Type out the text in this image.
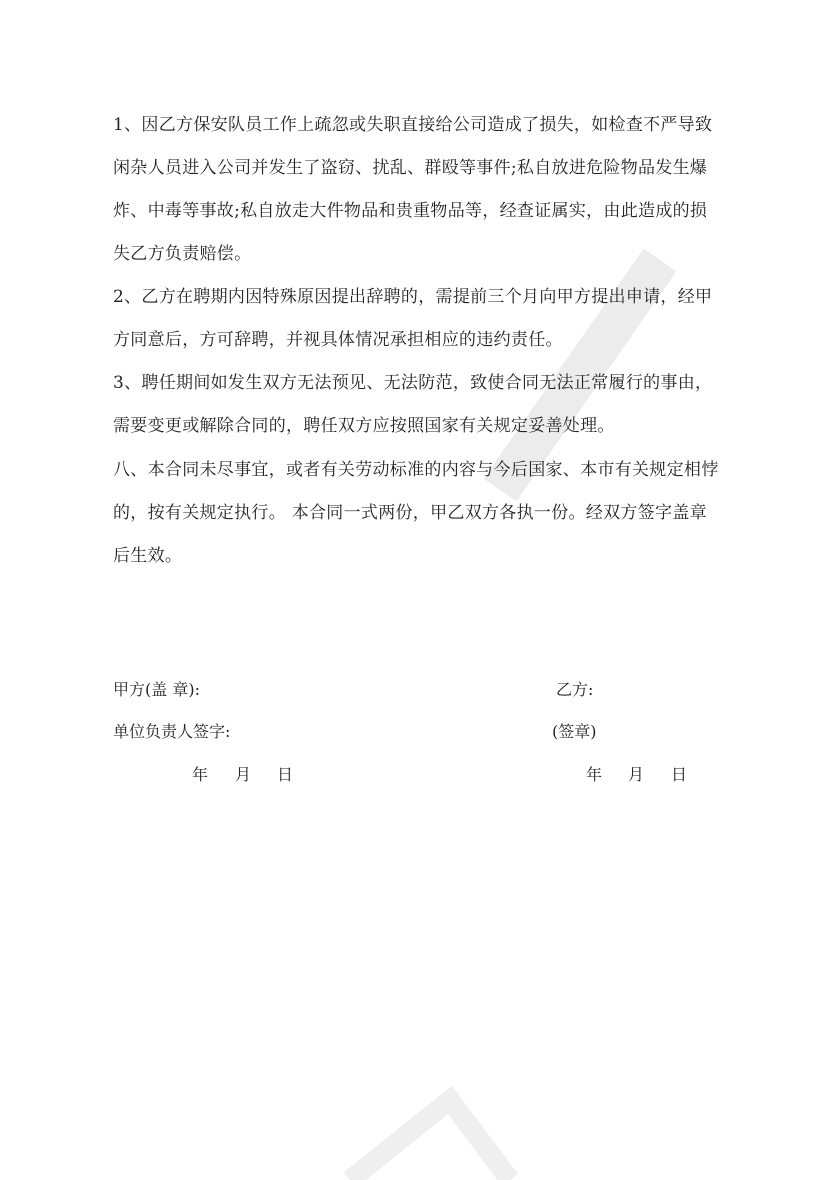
1、因乙方保安队员工作上疏忽或失职直接给公司造成了损失，如检查不严导致
闲杂人员进入公司并发生了盗窃、扰乱、群殴等事件;私自放进危险物品发生爆
炸、中毒等事故;私自放走大件物品和贵重物品等，经查证属实，由此造成的损
失乙方负责赔偿。
2、乙方在聘期内因特殊原因提出辞聘的，需提前三个月向甲方提出申请，经甲
方同意后，方可辞聘，并视具体情况承担相应的违约责任。
3、聘任期间如发生双方无法预见、无法防范，致使合同无法正常履行的事由，
需要变更或解除合同的，聘任双方应按照国家有关规定妥善处理。
八、本合同未尽事宜，或者有关劳动标准的内容与今后国家、本市有关规定相悖
的，按有关规定执行。 本合同一式两份，甲乙双方各执一份。经双方签字盖章
后生效。
甲方(盖 章):
单位负责人签字:
年 月 日
乙方:
(签章)
年 月 日
